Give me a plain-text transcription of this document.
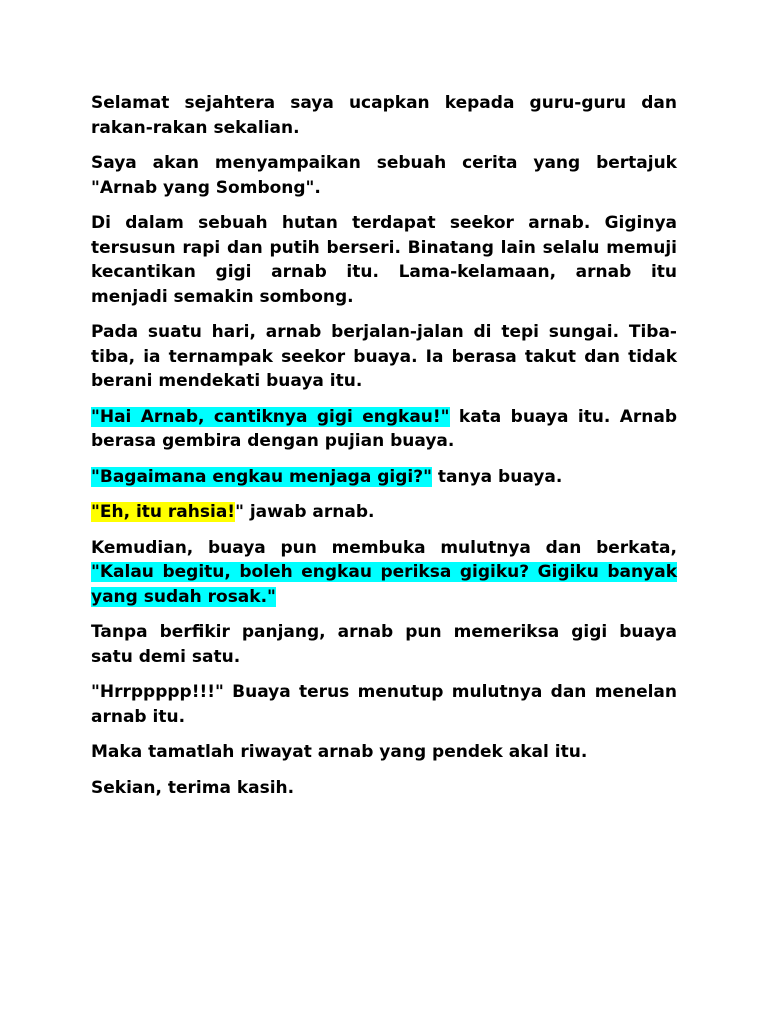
Selamat sejahtera saya ucapkan kepada guru-guru dan rakan-rakan sekalian.

Saya akan menyampaikan sebuah cerita yang bertajuk "Arnab yang Sombong".

Di dalam sebuah hutan terdapat seekor arnab. Giginya tersusun rapi dan putih berseri. Binatang lain selalu memuji kecantikan gigi arnab itu. Lama-kelamaan, arnab itu menjadi semakin sombong.

Pada suatu hari, arnab berjalan-jalan di tepi sungai. Tiba-tiba, ia ternampak seekor buaya. Ia berasa takut dan tidak berani mendekati buaya itu.

"Hai Arnab, cantiknya gigi engkau!" kata buaya itu. Arnab berasa gembira dengan pujian buaya.

"Bagaimana engkau menjaga gigi?" tanya buaya.

"Eh, itu rahsia!" jawab arnab.

Kemudian, buaya pun membuka mulutnya dan berkata, "Kalau begitu, boleh engkau periksa gigiku? Gigiku banyak yang sudah rosak."

Tanpa berfikir panjang, arnab pun memeriksa gigi buaya satu demi satu.

"Hrrppppp!!!" Buaya terus menutup mulutnya dan menelan arnab itu.

Maka tamatlah riwayat arnab yang pendek akal itu.

Sekian, terima kasih.
